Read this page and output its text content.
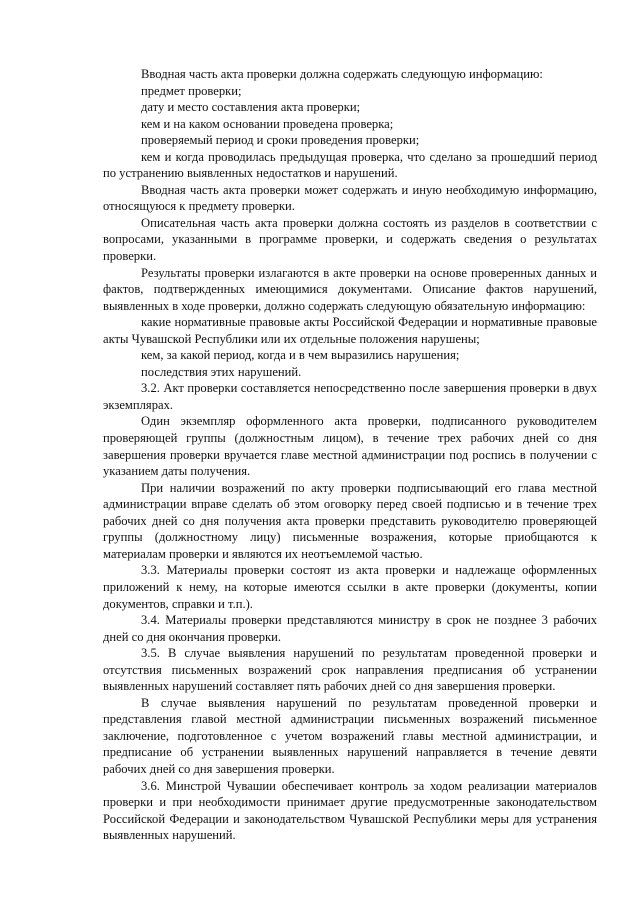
Вводная часть акта проверки должна содержать следующую информацию:

предмет проверки;

дату и место составления акта проверки;

кем и на каком основании проведена проверка;

проверяемый период и сроки проведения проверки;

кем и когда проводилась предыдущая проверка, что сделано за прошедший период по устранению выявленных недостатков и нарушений.

Вводная часть акта проверки может содержать и иную необходимую информацию, относящуюся к предмету проверки.

Описательная часть акта проверки должна состоять из разделов в соответствии с вопросами, указанными в программе проверки, и содержать сведения о результатах проверки.

Результаты проверки излагаются в акте проверки на основе проверенных данных и фактов, подтвержденных имеющимися документами. Описание фактов нарушений, выявленных в ходе проверки, должно содержать следующую обязательную информацию:

какие нормативные правовые акты Российской Федерации и нормативные правовые акты Чувашской Республики или их отдельные положения нарушены;

кем, за какой период, когда и в чем выразились нарушения;

последствия этих нарушений.

3.2. Акт проверки составляется непосредственно после завершения проверки в двух экземплярах.

Один экземпляр оформленного акта проверки, подписанного руководителем проверяющей группы (должностным лицом), в течение трех рабочих дней со дня завершения проверки вручается главе местной администрации под роспись в получении с указанием даты получения.

При наличии возражений по акту проверки подписывающий его глава местной администрации вправе сделать об этом оговорку перед своей подписью и в течение трех рабочих дней со дня получения акта проверки представить руководителю проверяющей группы (должностному лицу) письменные возражения, которые приобщаются к материалам проверки и являются их неотъемлемой частью.

3.3. Материалы проверки состоят из акта проверки и надлежаще оформленных приложений к нему, на которые имеются ссылки в акте проверки (документы, копии документов, справки и т.п.).

3.4. Материалы проверки представляются министру в срок не позднее 3 рабочих дней со дня окончания проверки.

3.5. В случае выявления нарушений по результатам проведенной проверки и отсутствия письменных возражений срок направления предписания об устранении выявленных нарушений составляет пять рабочих дней со дня завершения проверки.

В случае выявления нарушений по результатам проведенной проверки и представления главой местной администрации письменных возражений письменное заключение, подготовленное с учетом возражений главы местной администрации, и предписание об устранении выявленных нарушений направляется в течение девяти рабочих дней со дня завершения проверки.

3.6. Минстрой Чувашии обеспечивает контроль за ходом реализации материалов проверки и при необходимости принимает другие предусмотренные законодательством Российской Федерации и законодательством Чувашской Республики меры для устранения выявленных нарушений.
